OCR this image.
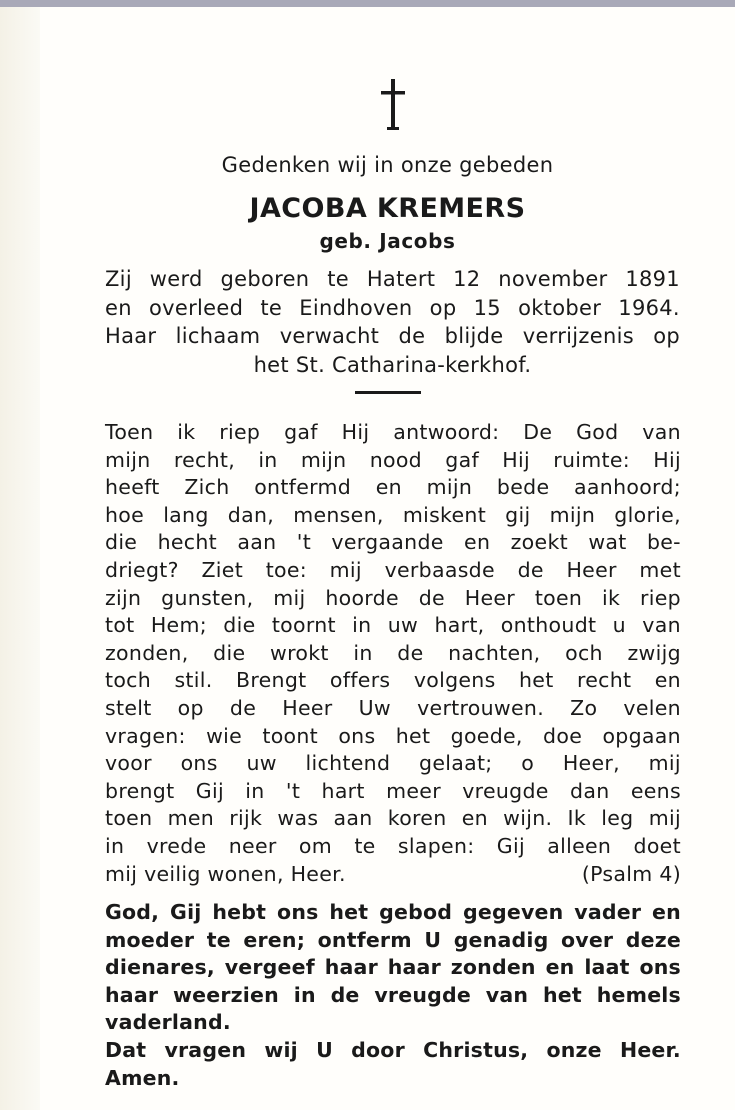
Gedenken wij in onze gebeden
JACOBA KREMERS
geb. Jacobs
Zij werd geboren te Hatert 12 november 1891
en overleed te Eindhoven op 15 oktober 1964.
Haar lichaam verwacht de blijde verrijzenis op
het St. Catharina-kerkhof.
Toen ik riep gaf Hij antwoord: De God van
mijn recht, in mijn nood gaf Hij ruimte: Hij
heeft Zich ontfermd en mijn bede aanhoord;
hoe lang dan, mensen, miskent gij mijn glorie,
die hecht aan 't vergaande en zoekt wat be-
driegt? Ziet toe: mij verbaasde de Heer met
zijn gunsten, mij hoorde de Heer toen ik riep
tot Hem; die toornt in uw hart, onthoudt u van
zonden, die wrokt in de nachten, och zwijg
toch stil. Brengt offers volgens het recht en
stelt op de Heer Uw vertrouwen. Zo velen
vragen: wie toont ons het goede, doe opgaan
voor ons uw lichtend gelaat; o Heer, mij
brengt Gij in 't hart meer vreugde dan eens
toen men rijk was aan koren en wijn. Ik leg mij
in vrede neer om te slapen: Gij alleen doet
mij veilig wonen, Heer.	(Psalm 4)
God, Gij hebt ons het gebod gegeven vader en
moeder te eren; ontferm U genadig over deze
dienares, vergeef haar haar zonden en laat ons
haar weerzien in de vreugde van het hemels
vaderland.
Dat vragen wij U door Christus, onze Heer.
Amen.
